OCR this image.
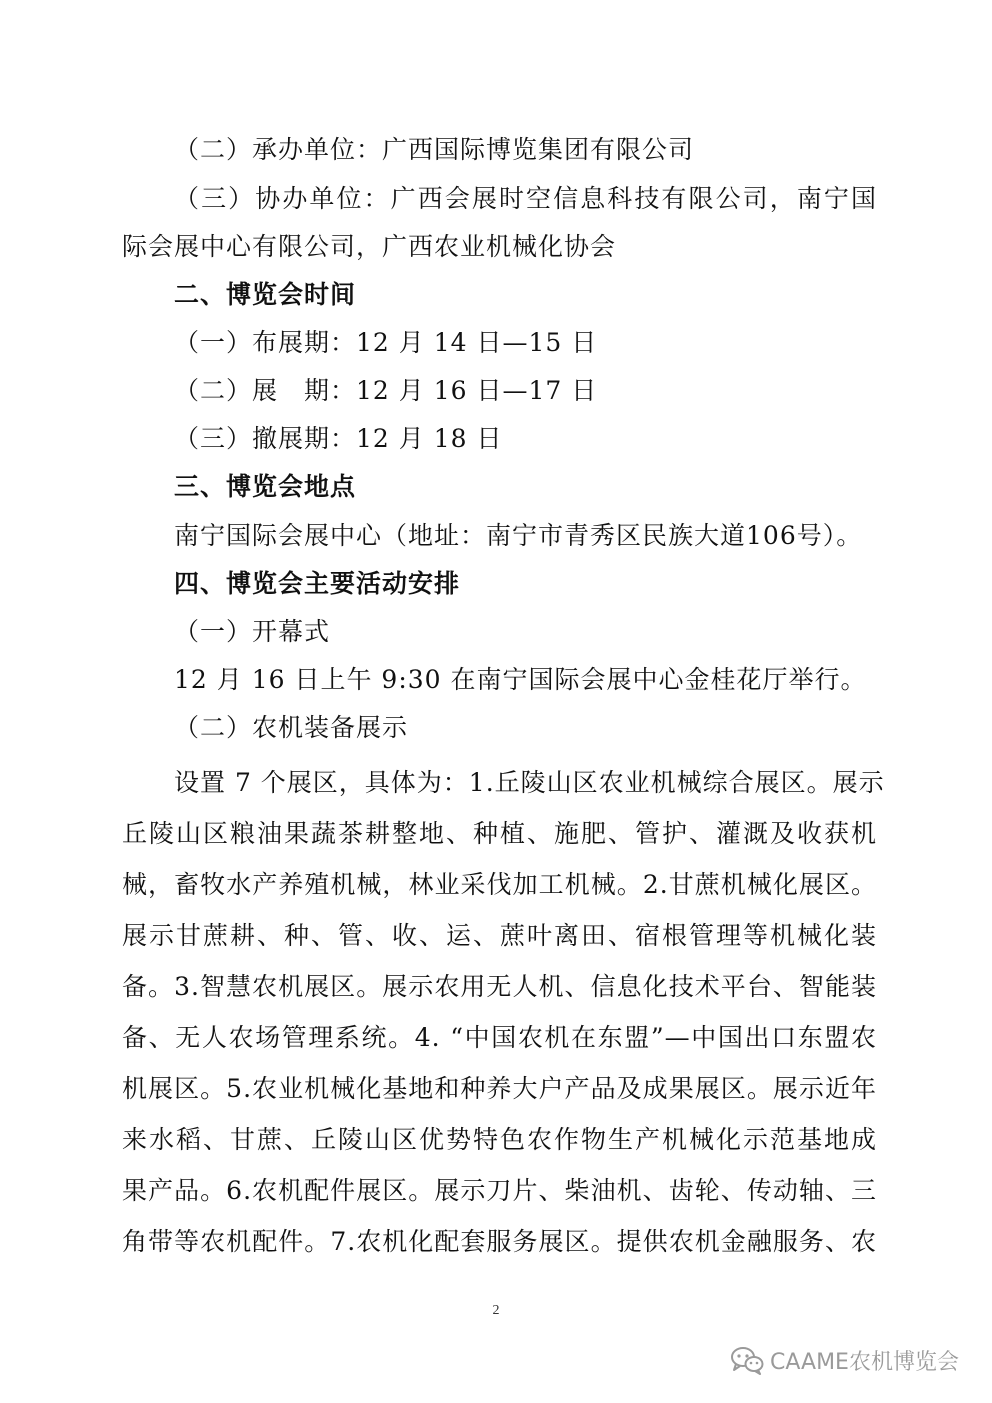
（二）承办单位：广西国际博览集团有限公司

（三）协办单位：广西会展时空信息科技有限公司，南宁国

际会展中心有限公司，广西农业机械化协会

二、博览会时间

（一）布展期：12 月 14 日—15 日

（二）展　期：12 月 16 日—17 日

（三）撤展期：12 月 18 日

三、博览会地点

南宁国际会展中心（地址：南宁市青秀区民族大道106号）。

四、博览会主要活动安排

（一）开幕式

12 月 16 日上午 9:30 在南宁国际会展中心金桂花厅举行。

（二）农机装备展示

设置 7 个展区，具体为：1.丘陵山区农业机械综合展区。展示

丘陵山区粮油果蔬茶耕整地、种植、施肥、管护、灌溉及收获机

械，畜牧水产养殖机械，林业采伐加工机械。2.甘蔗机械化展区。

展示甘蔗耕、种、管、收、运、蔗叶离田、宿根管理等机械化装

备。3.智慧农机展区。展示农用无人机、信息化技术平台、智能装

备、无人农场管理系统。4. “中国农机在东盟”—中国出口东盟农

机展区。5.农业机械化基地和种养大户产品及成果展区。展示近年

来水稻、甘蔗、丘陵山区优势特色农作物生产机械化示范基地成

果产品。6.农机配件展区。展示刀片、柴油机、齿轮、传动轴、三

角带等农机配件。7.农机化配套服务展区。提供农机金融服务、农

2
CAAME农机博览会
